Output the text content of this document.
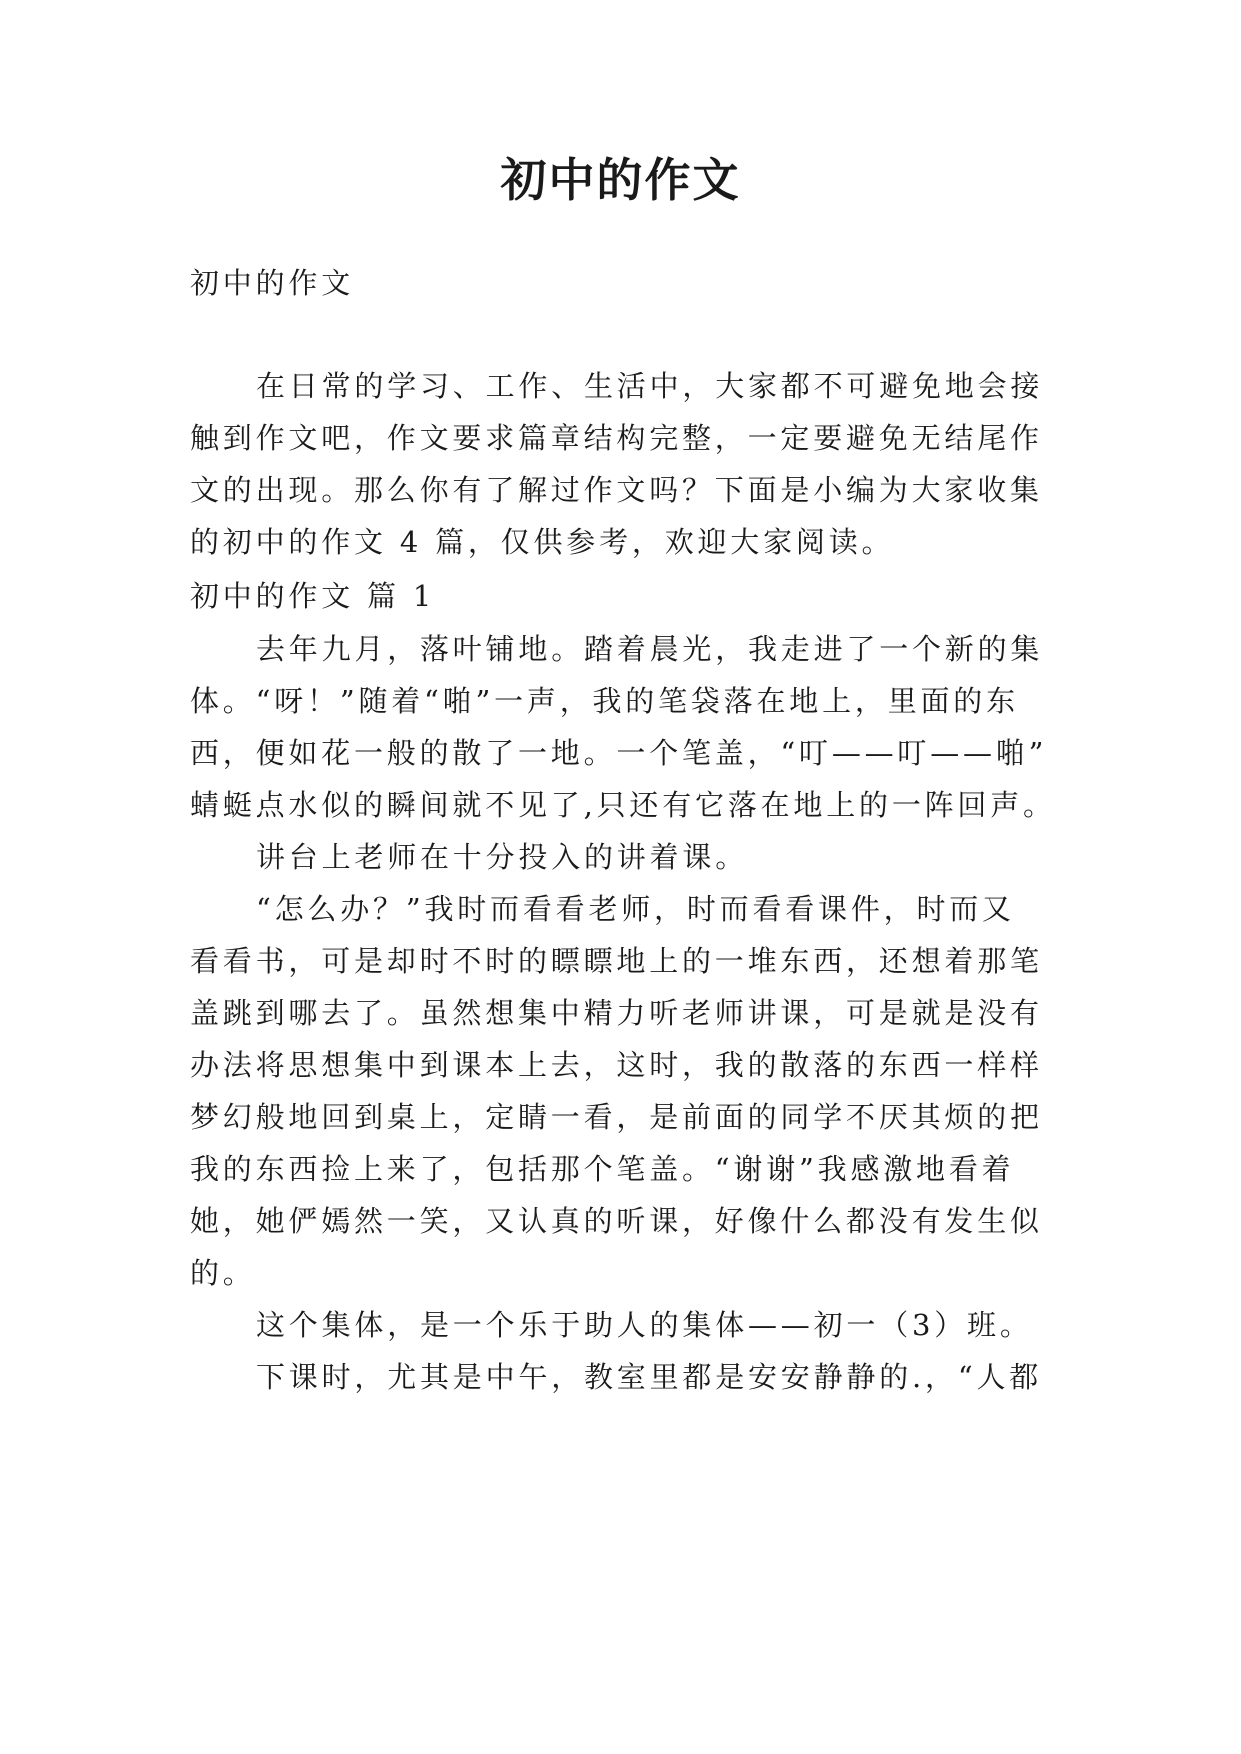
初中的作文

初中的作文

在日常的学习、工作、生活中，大家都不可避免地会接

触到作文吧，作文要求篇章结构完整，一定要避免无结尾作

文的出现。那么你有了解过作文吗？下面是小编为大家收集

的初中的作文 4 篇，仅供参考，欢迎大家阅读。

初中的作文 篇 1

去年九月，落叶铺地。踏着晨光，我走进了一个新的集

体。“呀！”随着“啪”一声，我的笔袋落在地上，里面的东

西，便如花一般的散了一地。一个笔盖，“叮——叮——啪”

蜻蜓点水似的瞬间就不见了,只还有它落在地上的一阵回声。

讲台上老师在十分投入的讲着课。

“怎么办？”我时而看看老师，时而看看课件，时而又

看看书，可是却时不时的瞟瞟地上的一堆东西，还想着那笔

盖跳到哪去了。虽然想集中精力听老师讲课，可是就是没有

办法将思想集中到课本上去，这时，我的散落的东西一样样

梦幻般地回到桌上，定睛一看，是前面的同学不厌其烦的把

我的东西捡上来了，包括那个笔盖。“谢谢”我感激地看着

她，她俨嫣然一笑，又认真的听课，好像什么都没有发生似

的。

这个集体，是一个乐于助人的集体——初一（3）班。

下课时，尤其是中午，教室里都是安安静静的.，“人都
